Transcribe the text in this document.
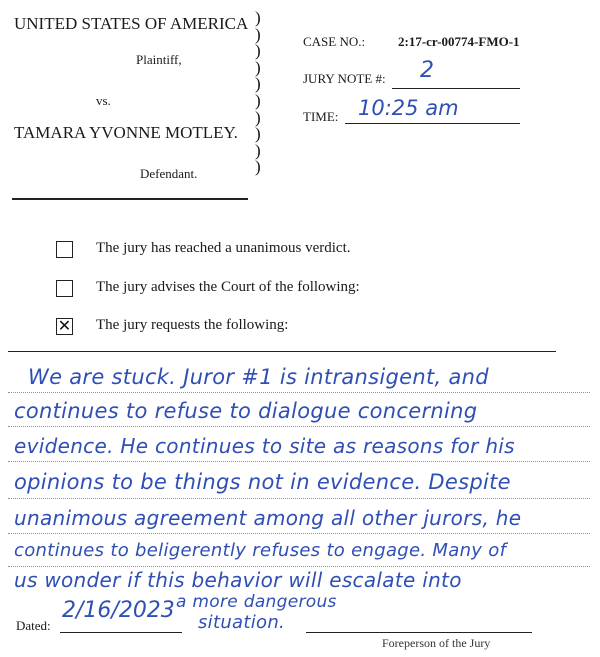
UNITED STATES OF AMERICA
Plaintiff,
vs.
TAMARA YVONNE MOTLEY.
Defendant.
)
)
)
)
)
)
)
)
)
)
CASE NO.:	2:17-cr-00774-FMO-1
JURY NOTE #: 2
TIME: 10:25 am
The jury has reached a unanimous verdict.
The jury advises the Court of the following:
✕ The jury requests the following:
We are stuck. Juror #1 is intransigent, and
continues to refuse to dialogue concerning
evidence. He continues to site as reasons for his
opinions to be things not in evidence. Despite
unanimous agreement among all other jurors, he
continues to beligerently refuses to engage. Many of
us wonder if this behavior will escalate into
a more dangerous
situation.
Dated:
2/16/2023
Foreperson of the Jury
